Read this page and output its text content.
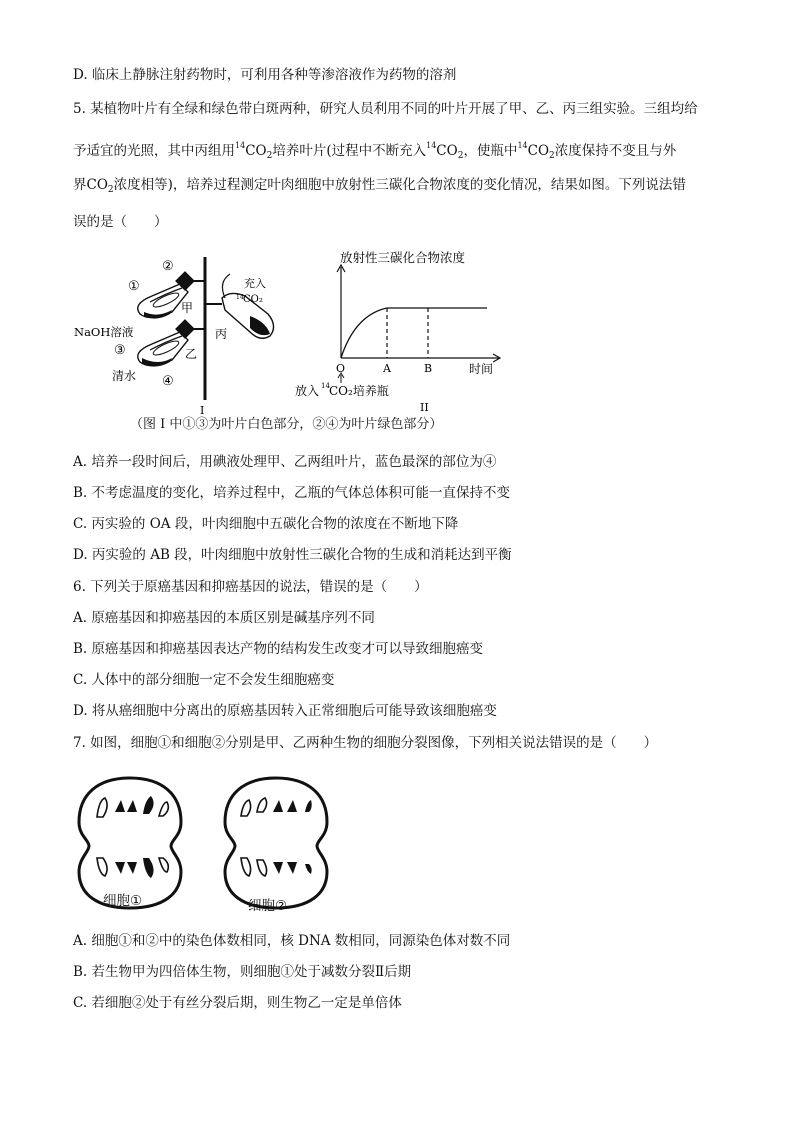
D. 临床上静脉注射药物时，可利用各种等渗溶液作为药物的溶剂
5. 某植物叶片有全绿和绿色带白斑两种，研究人员利用不同的叶片开展了甲、乙、丙三组实验。三组均给
予适宜的光照，其中丙组用$^{14}CO_2$培养叶片(过程中不断充入$^{14}CO_2$，使瓶中$^{14}CO_2$浓度保持不变且与外
界$CO_2$浓度相等)，培养过程测定叶肉细胞中放射性三碳化合物浓度的变化情况，结果如图。下列说法错
误的是（　　）
②
①
甲
丙
充入
14 CO₂
NaOH溶液
③	乙
清水 ④
I
放射性三碳化合物浓度
O	A	B	时间
放入 14 CO₂培养瓶
II
（图 I 中①③为叶片白色部分，②④为叶片绿色部分）
A. 培养一段时间后，用碘液处理甲、乙两组叶片，蓝色最深的部位为④
B. 不考虑温度的变化，培养过程中，乙瓶的气体总体积可能一直保持不变
C. 丙实验的 OA 段，叶肉细胞中五碳化合物的浓度在不断地下降
D. 丙实验的 AB 段，叶肉细胞中放射性三碳化合物的生成和消耗达到平衡
6. 下列关于原癌基因和抑癌基因的说法，错误的是（　　）
A. 原癌基因和抑癌基因的本质区别是碱基序列不同
B. 原癌基因和抑癌基因表达产物的结构发生改变才可以导致细胞癌变
C. 人体中的部分细胞一定不会发生细胞癌变
D. 将从癌细胞中分离出的原癌基因转入正常细胞后可能导致该细胞癌变
7. 如图，细胞①和细胞②分别是甲、乙两种生物的细胞分裂图像，下列相关说法错误的是（　　）
细胞①	细胞②
A. 细胞①和②中的染色体数相同，核 DNA 数相同，同源染色体对数不同
B. 若生物甲为四倍体生物，则细胞①处于减数分裂Ⅱ后期
C. 若细胞②处于有丝分裂后期，则生物乙一定是单倍体
